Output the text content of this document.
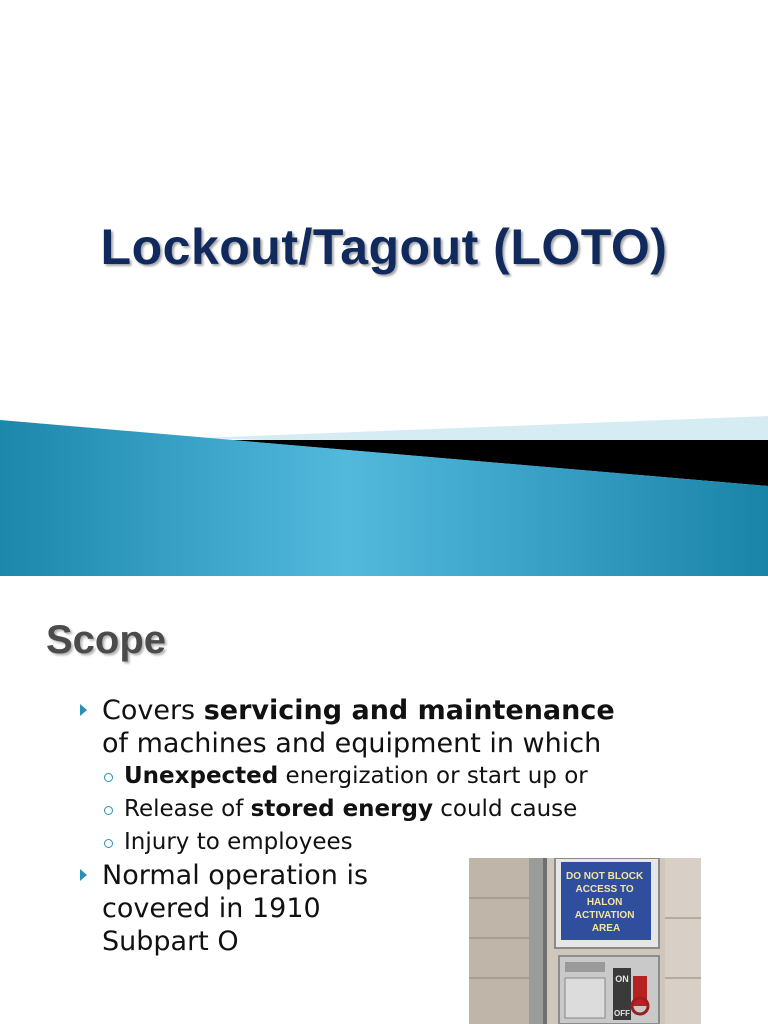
Lockout/Tagout (LOTO)
Scope
Covers servicing and maintenance of machines and equipment in which
Unexpected energization or start up or
Release of stored energy could cause
Injury to employees
Normal operation is covered in 1910 Subpart O
DO NOT BLOCK ACCESS TO HALON ACTIVATION AREA
ON
OFF
